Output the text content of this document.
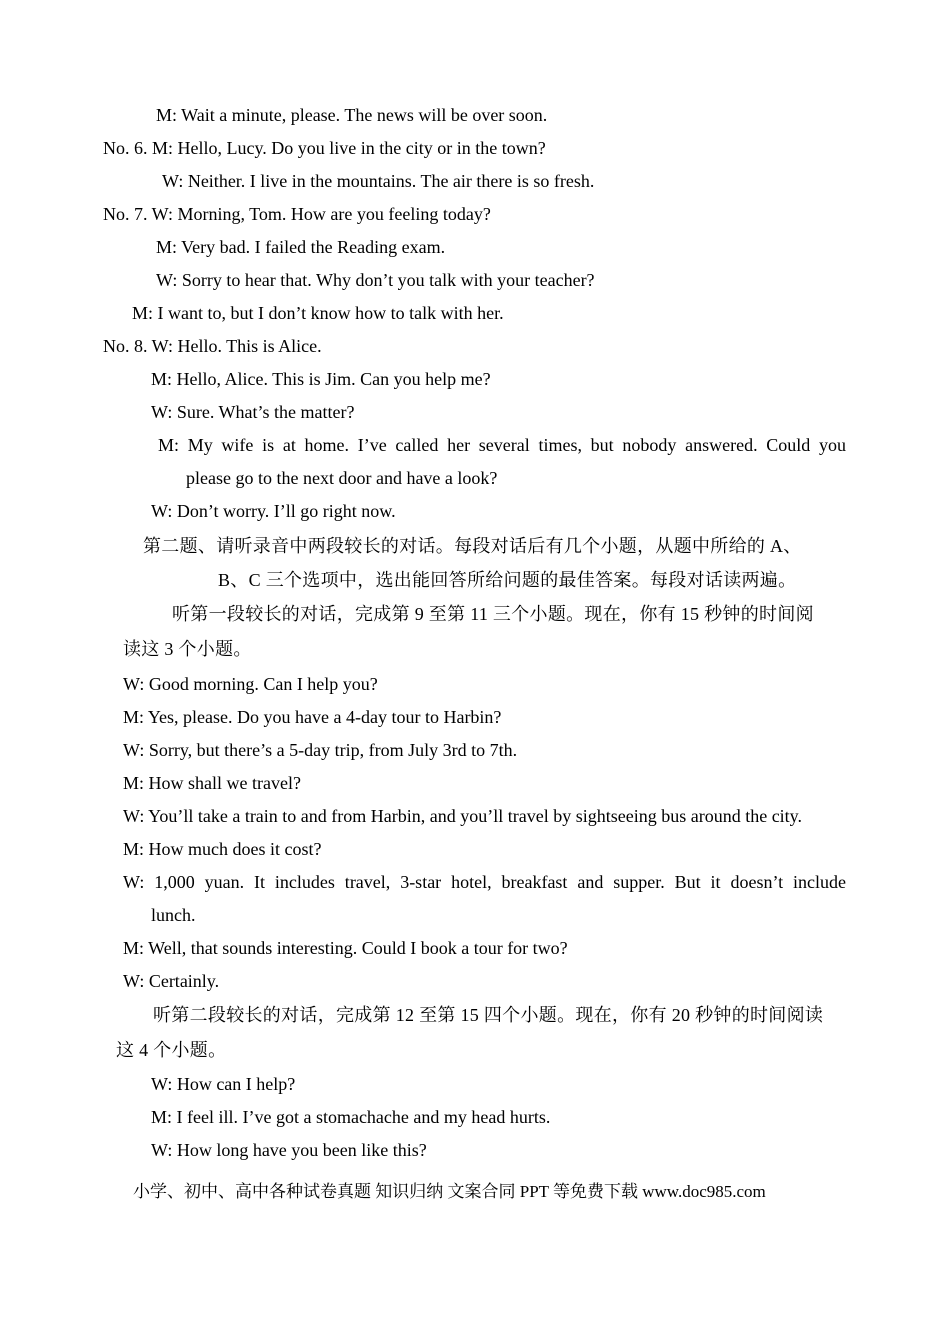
M: Wait a minute, please. The news will be over soon.
No. 6. M: Hello, Lucy. Do you live in the city or in the town?
W: Neither. I live in the mountains. The air there is so fresh.
No. 7. W: Morning, Tom. How are you feeling today?
M: Very bad. I failed the Reading exam.
W: Sorry to hear that. Why don’t you talk with your teacher?
M: I want to, but I don’t know how to talk with her.
No. 8. W: Hello. This is Alice.
M: Hello, Alice. This is Jim. Can you help me?
W: Sure. What’s the matter?
M: My wife is at home. I’ve called her several times, but nobody answered. Could you
please go to the next door and have a look?
W: Don’t worry. I’ll go right now.
第二题、请听录音中两段较长的对话。每段对话后有几个小题，从题中所给的 A、
B、C 三个选项中，选出能回答所给问题的最佳答案。每段对话读两遍。
听第一段较长的对话，完成第 9 至第 11 三个小题。现在，你有 15 秒钟的时间阅
读这 3 个小题。
W: Good morning. Can I help you?
M: Yes, please. Do you have a 4-day tour to Harbin?
W: Sorry, but there’s a 5-day trip, from July 3rd to 7th.
M: How shall we travel?
W: You’ll take a train to and from Harbin, and you’ll travel by sightseeing bus around the city.
M: How much does it cost?
W: 1,000 yuan. It includes travel, 3-star hotel, breakfast and supper. But it doesn’t include
lunch.
M: Well, that sounds interesting. Could I book a tour for two?
W: Certainly.
听第二段较长的对话，完成第 12 至第 15 四个小题。现在，你有 20 秒钟的时间阅读
这 4 个小题。
W: How can I help?
M: I feel ill. I’ve got a stomachache and my head hurts.
W: How long have you been like this?
小学、初中、高中各种试卷真题 知识归纳 文案合同 PPT 等免费下载 www.doc985.com
